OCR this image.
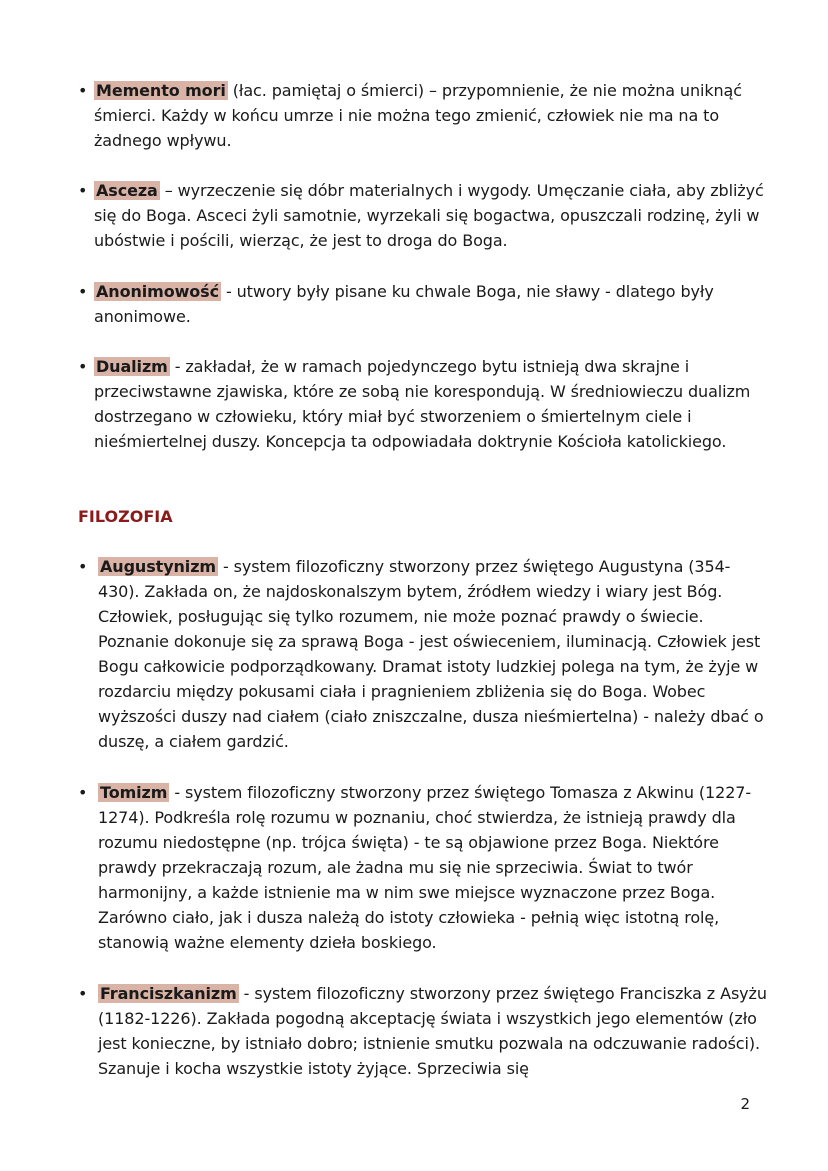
• Memento mori (łac. pamiętaj o śmierci) – przypomnienie, że nie można uniknąć śmierci. Każdy w końcu umrze i nie można tego zmienić, człowiek nie ma na to żadnego wpływu.
• Asceza – wyrzeczenie się dóbr materialnych i wygody. Umęczanie ciała, aby zbliżyć się do Boga. Asceci żyli samotnie, wyrzekali się bogactwa, opuszczali rodzinę, żyli w ubóstwie i pościli, wierząc, że jest to droga do Boga.
• Anonimowość - utwory były pisane ku chwale Boga, nie sławy - dlatego były anonimowe.
• Dualizm - zakładał, że w ramach pojedynczego bytu istnieją dwa skrajne i przeciwstawne zjawiska, które ze sobą nie korespondują. W średniowieczu dualizm dostrzegano w człowieku, który miał być stworzeniem o śmiertelnym ciele i nieśmiertelnej duszy. Koncepcja ta odpowiadała doktrynie Kościoła katolickiego.
FILOZOFIA
• Augustynizm - system filozoficzny stworzony przez świętego Augustyna (354-430). Zakłada on, że najdoskonalszym bytem, źródłem wiedzy i wiary jest Bóg. Człowiek, posługując się tylko rozumem, nie może poznać prawdy o świecie. Poznanie dokonuje się za sprawą Boga - jest oświeceniem, iluminacją. Człowiek jest Bogu całkowicie podporządkowany. Dramat istoty ludzkiej polega na tym, że żyje w rozdarciu między pokusami ciała i pragnieniem zbliżenia się do Boga. Wobec wyższości duszy nad ciałem (ciało zniszczalne, dusza nieśmiertelna) - należy dbać o duszę, a ciałem gardzić.
• Tomizm - system filozoficzny stworzony przez świętego Tomasza z Akwinu (1227-1274). Podkreśla rolę rozumu w poznaniu, choć stwierdza, że istnieją prawdy dla rozumu niedostępne (np. trójca święta) - te są objawione przez Boga. Niektóre prawdy przekraczają rozum, ale żadna mu się nie sprzeciwia. Świat to twór harmonijny, a każde istnienie ma w nim swe miejsce wyznaczone przez Boga. Zarówno ciało, jak i dusza należą do istoty człowieka - pełnią więc istotną rolę, stanowią ważne elementy dzieła boskiego.
• Franciszkanizm - system filozoficzny stworzony przez świętego Franciszka z Asyżu (1182-1226). Zakłada pogodną akceptację świata i wszystkich jego elementów (zło jest konieczne, by istniało dobro; istnienie smutku pozwala na odczuwanie radości). Szanuje i kocha wszystkie istoty żyjące. Sprzeciwia się
2
